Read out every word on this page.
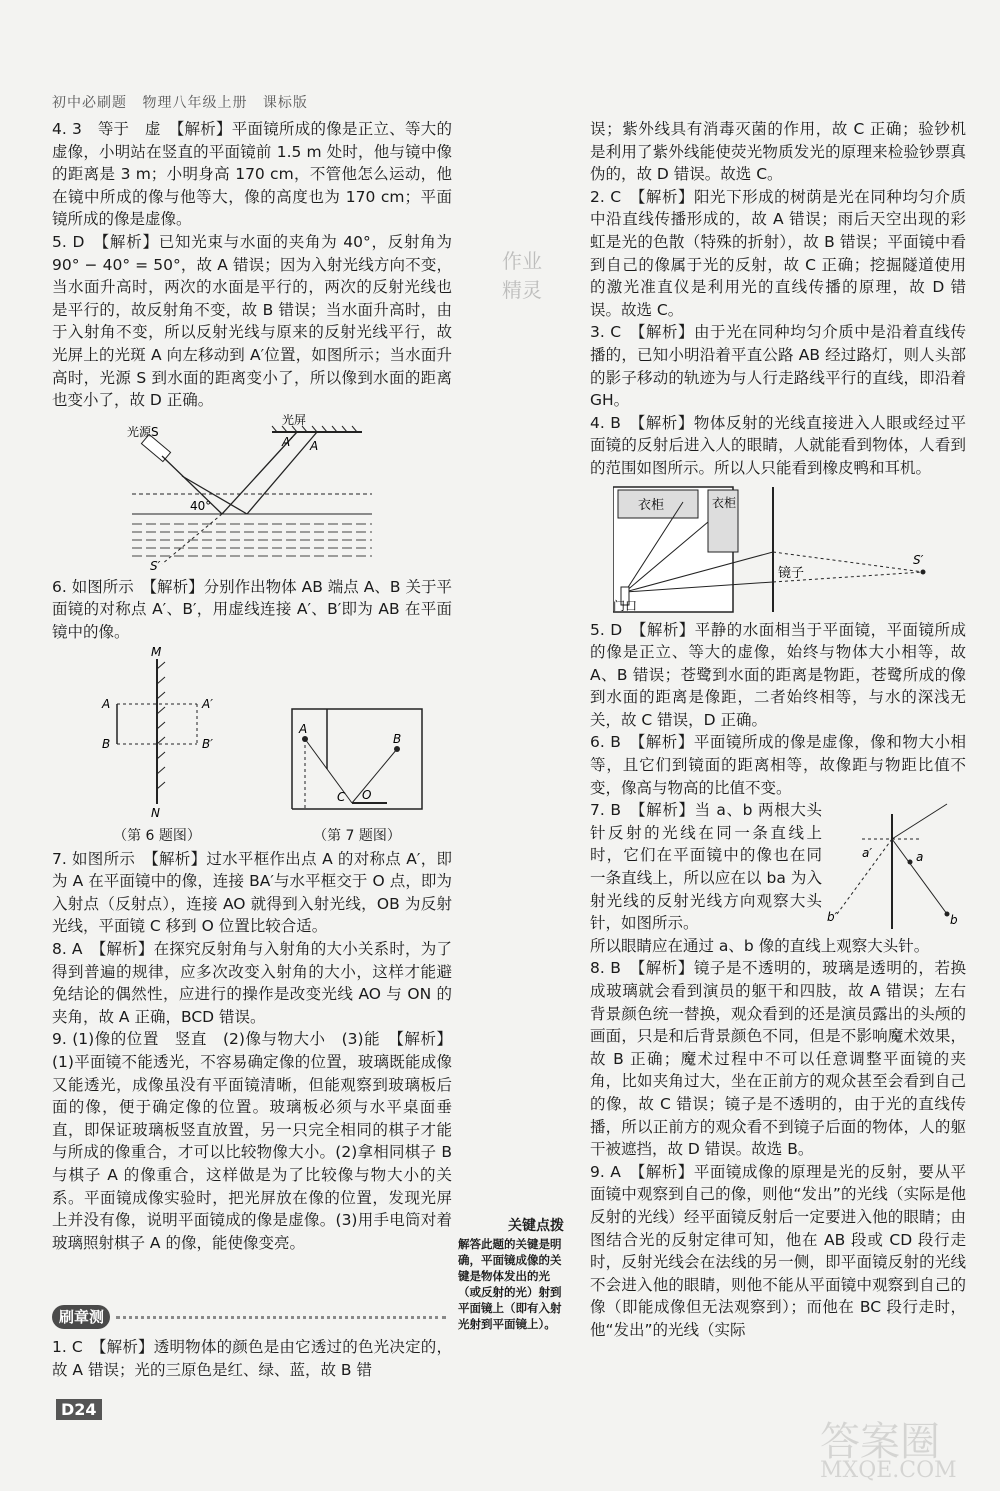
初中必刷题 物理八年级上册 课标版
作业
精灵

4. 3　等于　虚　【解析】平面镜所成的像是正立、等大的虚像，小明站在竖直的平面镜前 1.5 m 处时，他与镜中像的距离是 3 m；小明身高 170 cm，不管他怎么运动，他在镜中所成的像与他等大，像的高度也为 170 cm；平面镜所成的像是虚像。

5. D　【解析】已知光束与水面的夹角为 40°，反射角为 90° − 40° = 50°，故 A 错误；因为入射光线方向不变，当水面升高时，两次的水面是平行的，两次的反射光线也是平行的，故反射角不变，故 B 错误；当水面升高时，由于入射角不变，所以反射光线与原来的反射光线平行，故光屏上的光斑 A 向左移动到 A′位置，如图所示；当水面升高时，光源 S 到水面的距离变小了，所以像到水面的距离也变小了，故 D 正确。

光源S
光屏
A′ A
40°
S′

6. 如图所示　【解析】分别作出物体 AB 端点 A、B 关于平面镜的对称点 A′、B′，用虚线连接 A′、B′即为 AB 在平面镜中的像。

M
N
A
B
A′
B′
（第 6 题图）
A
B
C O
（第 7 题图）

7. 如图所示　【解析】过水平框作出点 A 的对称点 A′，即为 A 在平面镜中的像，连接 BA′与水平框交于 O 点，即为入射点（反射点），连接 AO 就得到入射光线，OB 为反射光线，平面镜 C 移到 O 位置比较合适。

8. A　【解析】在探究反射角与入射角的大小关系时，为了得到普遍的规律，应多次改变入射角的大小，这样才能避免结论的偶然性，应进行的操作是改变光线 AO 与 ON 的夹角，故 A 正确，BCD 错误。

9. (1)像的位置　竖直　(2)像与物大小　(3)能　【解析】(1)平面镜不能透光，不容易确定像的位置，玻璃既能成像又能透光，成像虽没有平面镜清晰，但能观察到玻璃板后面的像，便于确定像的位置。玻璃板必须与水平桌面垂直，即保证玻璃板竖直放置，另一只完全相同的棋子才能与所成的像重合，才可以比较物像大小。(2)拿相同棋子 B 与棋子 A 的像重合，这样做是为了比较像与物大小的关系。平面镜成像实验时，把光屏放在像的位置，发现光屏上并没有像，说明平面镜成的像是虚像。(3)用手电筒对着玻璃照射棋子 A 的像，能使像变亮。

刷章测

1. C　【解析】透明物体的颜色是由它透过的色光决定的，故 A 错误；光的三原色是红、绿、蓝，故 B 错

关键点拨
解答此题的关键是明确，平面镜成像的关键是物体发出的光（或反射的光）射到平面镜上（即有入射光射到平面镜上）。

误；紫外线具有消毒灭菌的作用，故 C 正确；验钞机是利用了紫外线能使荧光物质发光的原理来检验钞票真伪的，故 D 错误。故选 C。

2. C　【解析】阳光下形成的树荫是光在同种均匀介质中沿直线传播形成的，故 A 错误；雨后天空出现的彩虹是光的色散（特殊的折射），故 B 错误；平面镜中看到自己的像属于光的反射，故 C 正确；挖掘隧道使用的激光准直仪是利用光的直线传播的原理，故 D 错误。故选 C。

3. C　【解析】由于光在同种均匀介质中是沿着直线传播的，已知小明沿着平直公路 AB 经过路灯，则人头部的影子移动的轨迹为与人行走路线平行的直线，即沿着 GH。

4. B　【解析】物体反射的光线直接进入人眼或经过平面镜的反射后进入人的眼睛，人就能看到物体，人看到的范围如图所示。所以人只能看到橡皮鸭和耳机。

衣柜	衣柜
镜子
门口
S′

5. D　【解析】平静的水面相当于平面镜，平面镜所成的像是正立、等大的虚像，始终与物体大小相等，故 A、B 错误；苍鹭到水面的距离是物距，苍鹭所成的像到水面的距离是像距，二者始终相等，与水的深浅无关，故 C 错误，D 正确。

6. B　【解析】平面镜所成的像是虚像，像和物大小相等，且它们到镜面的距离相等，故像距与物距比值不变，像高与物高的比值不变。

7. B　【解析】当 a、b 两根大头针反射的光线在同一条直线上时，它们在平面镜中的像也在同一条直线上，所以应在以 ba 为入射光线的反射光线方向观察大头针，如图所示。

a′	a
b′	b

所以眼睛应在通过 a、b 像的直线上观察大头针。

8. B　【解析】镜子是不透明的，玻璃是透明的，若换成玻璃就会看到演员的躯干和四肢，故 A 错误；左右背景颜色统一替换，观众看到的还是演员露出的头颅的画面，只是和后背景颜色不同，但是不影响魔术效果，故 B 正确；魔术过程中不可以任意调整平面镜的夹角，比如夹角过大，坐在正前方的观众甚至会看到自己的像，故 C 错误；镜子是不透明的，由于光的直线传播，所以正前方的观众看不到镜子后面的物体，人的躯干被遮挡，故 D 错误。故选 B。

9. A　【解析】平面镜成像的原理是光的反射，要从平面镜中观察到自己的像，则他“发出”的光线（实际是他反射的光线）经平面镜反射后一定要进入他的眼睛；由图结合光的反射定律可知，他在 AB 段或 CD 段行走时，反射光线会在法线的另一侧，即平面镜反射的光线不会进入他的眼睛，则他不能从平面镜中观察到自己的像（即能成像但无法观察到）；而他在 BC 段行走时，他“发出”的光线（实际

D24
答案圈
MXQE.COM
